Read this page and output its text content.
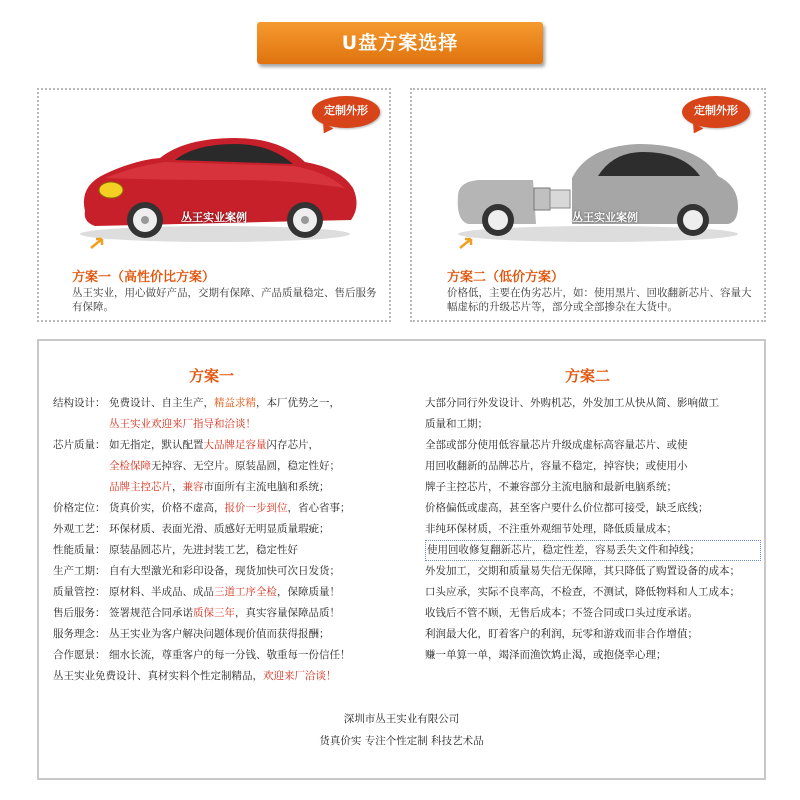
U盘方案选择
定制外形
丛王实业案例
方案一（高性价比方案）
丛王实业，用心做好产品，交期有保障、产品质量稳定、售后服务有保障。
定制外形
丛王实业案例
方案二（低价方案）
价格低，主要在伪劣芯片，如：使用黑片、回收翻新芯片、容量大幅虚标的升级芯片等，部分或全部掺杂在大货中。
方案一	方案二
结构设计： 免费设计、自主生产，精益求精，本厂优势之一，
丛王实业欢迎来厂指导和洽谈！
芯片质量： 如无指定，默认配置大品牌足容量闪存芯片，
全检保障无掉容、无空片。原装晶圆，稳定性好；
品牌主控芯片，兼容市面所有主流电脑和系统；
价格定位： 货真价实，价格不虚高，报价一步到位，省心省事；
外观工艺： 环保材质、表面光滑、质感好无明显质量瑕疵；
性能质量： 原装晶圆芯片，先进封装工艺，稳定性好
生产工期： 自有大型激光和彩印设备，现货加快可次日发货；
质量管控： 原材料、半成品、成品三道工序全检，保障质量！
售后服务： 签署规范合同承诺质保三年，真实容量保障品质！
服务理念： 丛王实业为客户解决问题体现价值而获得报酬；
合作愿景： 细水长流，尊重客户的每一分钱、敬重每一份信任！
丛王实业免费设计、真材实料个性定制精品，欢迎来厂洽谈！
大部分同行外发设计、外购机芯，外发加工从快从简、影响做工
质量和工期；
全部或部分使用低容量芯片升级成虚标高容量芯片、或使
用回收翻新的品牌芯片，容量不稳定，掉容快；或使用小
牌子主控芯片，不兼容部分主流电脑和最新电脑系统；
价格偏低或虚高，甚至客户要什么价位都可接受，缺乏底线；
非纯环保材质，不注重外观细节处理，降低质量成本；
使用回收修复翻新芯片，稳定性差，容易丢失文件和掉线；
外发加工，交期和质量易失信无保障，其只降低了购置设备的成本；
口头应承，实际不良率高，不检查，不测试，降低物料和人工成本；
收钱后不管不顾，无售后成本；不签合同或口头过度承诺。
利润最大化，盯着客户的利润，玩零和游戏而非合作增值；
赚一单算一单，竭泽而渔饮鸩止渴，或抱侥幸心理；
深圳市丛王实业有限公司
货真价实 专注个性定制 科技艺术品
